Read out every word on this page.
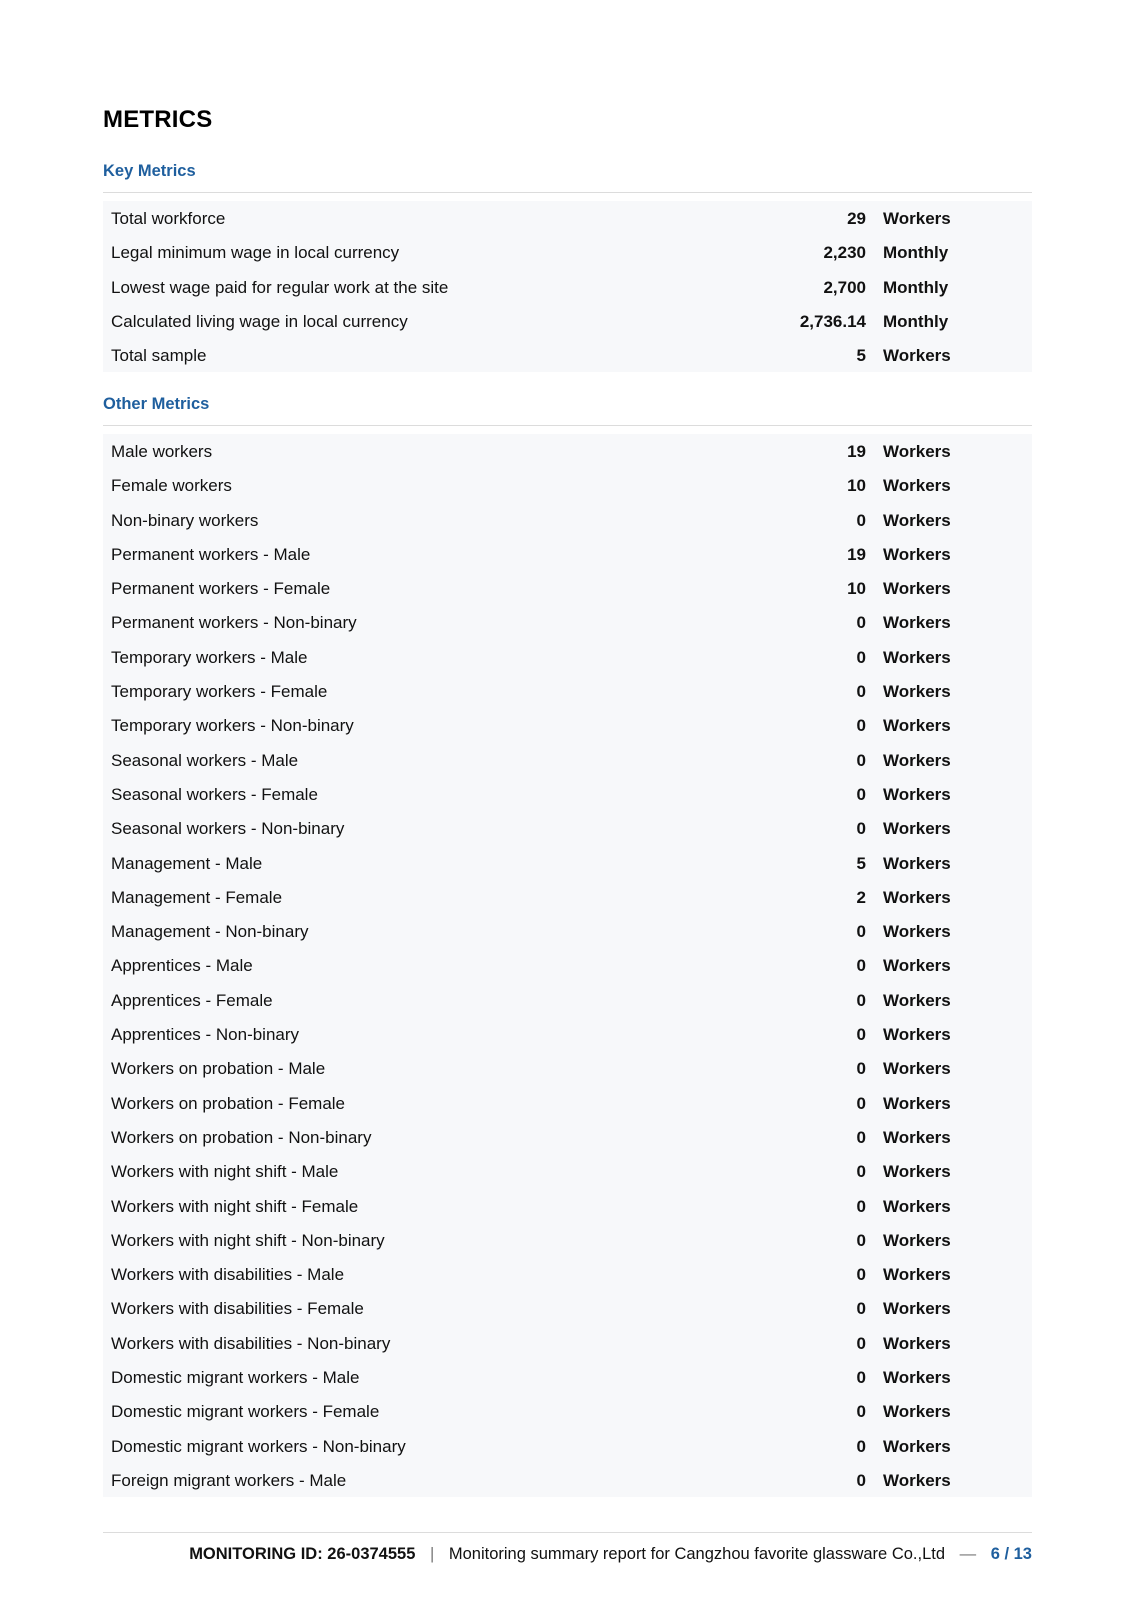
METRICS
Key Metrics
Total workforce	29 Workers
Legal minimum wage in local currency	2,230 Monthly
Lowest wage paid for regular work at the site	2,700 Monthly
Calculated living wage in local currency	2,736.14 Monthly
Total sample	5 Workers
Other Metrics
Male workers	19 Workers
Female workers	10 Workers
Non-binary workers	0 Workers
Permanent workers - Male	19 Workers
Permanent workers - Female	10 Workers
Permanent workers - Non-binary	0 Workers
Temporary workers - Male	0 Workers
Temporary workers - Female	0 Workers
Temporary workers - Non-binary	0 Workers
Seasonal workers - Male	0 Workers
Seasonal workers - Female	0 Workers
Seasonal workers - Non-binary	0 Workers
Management - Male	5 Workers
Management - Female	2 Workers
Management - Non-binary	0 Workers
Apprentices - Male	0 Workers
Apprentices - Female	0 Workers
Apprentices - Non-binary	0 Workers
Workers on probation - Male	0 Workers
Workers on probation - Female	0 Workers
Workers on probation - Non-binary	0 Workers
Workers with night shift - Male	0 Workers
Workers with night shift - Female	0 Workers
Workers with night shift - Non-binary	0 Workers
Workers with disabilities - Male	0 Workers
Workers with disabilities - Female	0 Workers
Workers with disabilities - Non-binary	0 Workers
Domestic migrant workers - Male	0 Workers
Domestic migrant workers - Female	0 Workers
Domestic migrant workers - Non-binary	0 Workers
Foreign migrant workers - Male	0 Workers
MONITORING ID: 26-0374555 | Monitoring summary report for Cangzhou favorite glassware Co.,Ltd — 6 / 13
